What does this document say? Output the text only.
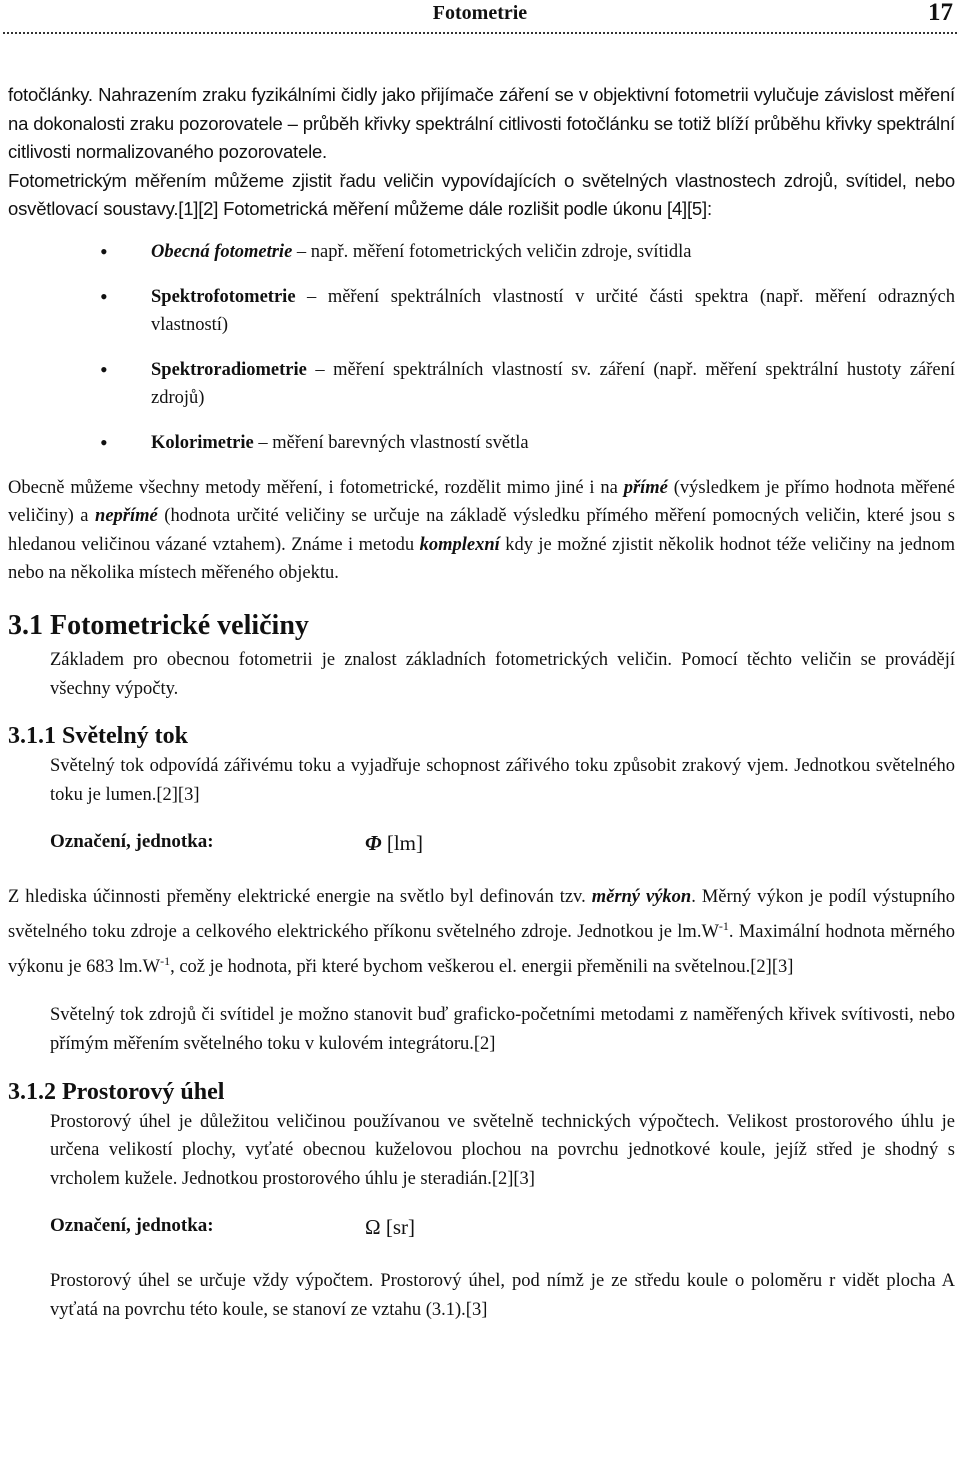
Fotometrie	17

fotočlánky. Nahrazením zraku fyzikálními čidly jako přijímače záření se v objektivní fotometrii vylučuje závislost měření na dokonalosti zraku pozorovatele – průběh křivky spektrální citlivosti fotočlánku se totiž blíží průběhu křivky spektrální citlivosti normalizovaného pozorovatele.

Fotometrickým měřením můžeme zjistit řadu veličin vypovídajících o světelných vlastnostech zdrojů, svítidel, nebo osvětlovací soustavy.[1][2] Fotometrická měření můžeme dále rozlišit podle úkonu [4][5]:

• Obecná fotometrie – např. měření fotometrických veličin zdroje, svítidla
• Spektrofotometrie – měření spektrálních vlastností v určité části spektra (např. měření odrazných vlastností)
• Spektroradiometrie – měření spektrálních vlastností sv. záření (např. měření spektrální hustoty záření zdrojů)
• Kolorimetrie – měření barevných vlastností světla

Obecně můžeme všechny metody měření, i fotometrické, rozdělit mimo jiné i na přímé (výsledkem je přímo hodnota měřené veličiny) a nepřímé (hodnota určité veličiny se určuje na základě výsledku přímého měření pomocných veličin, které jsou s hledanou veličinou vázané vztahem). Známe i metodu komplexní kdy je možné zjistit několik hodnot téže veličiny na jednom nebo na několika místech měřeného objektu.

3.1 Fotometrické veličiny

Základem pro obecnou fotometrii je znalost základních fotometrických veličin. Pomocí těchto veličin se provádějí všechny výpočty.

3.1.1 Světelný tok

Světelný tok odpovídá zářivému toku a vyjadřuje schopnost zářivého toku způsobit zrakový vjem. Jednotkou světelného toku je lumen.[2][3]

Označení, jednotka:	Φ [lm]

Z hlediska účinnosti přeměny elektrické energie na světlo byl definován tzv. měrný výkon. Měrný výkon je podíl výstupního světelného toku zdroje a celkového elektrického příkonu světelného zdroje. Jednotkou je $lm.W^{-1}$. Maximální hodnota měrného výkonu je 683 $lm.W^{-1}$, což je hodnota, při které bychom veškerou el. energii přeměnili na světelnou.[2][3]

Světelný tok zdrojů či svítidel je možno stanovit buď graficko-početními metodami z naměřených křivek svítivosti, nebo přímým měřením světelného toku v kulovém integrátoru.[2]

3.1.2 Prostorový úhel

Prostorový úhel je důležitou veličinou používanou ve světelně technických výpočtech. Velikost prostorového úhlu je určena velikostí plochy, vyťaté obecnou kuželovou plochou na povrchu jednotkové koule, jejíž střed je shodný s vrcholem kužele. Jednotkou prostorového úhlu je steradián.[2][3]

Označení, jednotka:	Ω [sr]

Prostorový úhel se určuje vždy výpočtem. Prostorový úhel, pod nímž je ze středu koule o poloměru r vidět plocha A vyťatá na povrchu této koule, se stanoví ze vztahu (3.1).[3]
